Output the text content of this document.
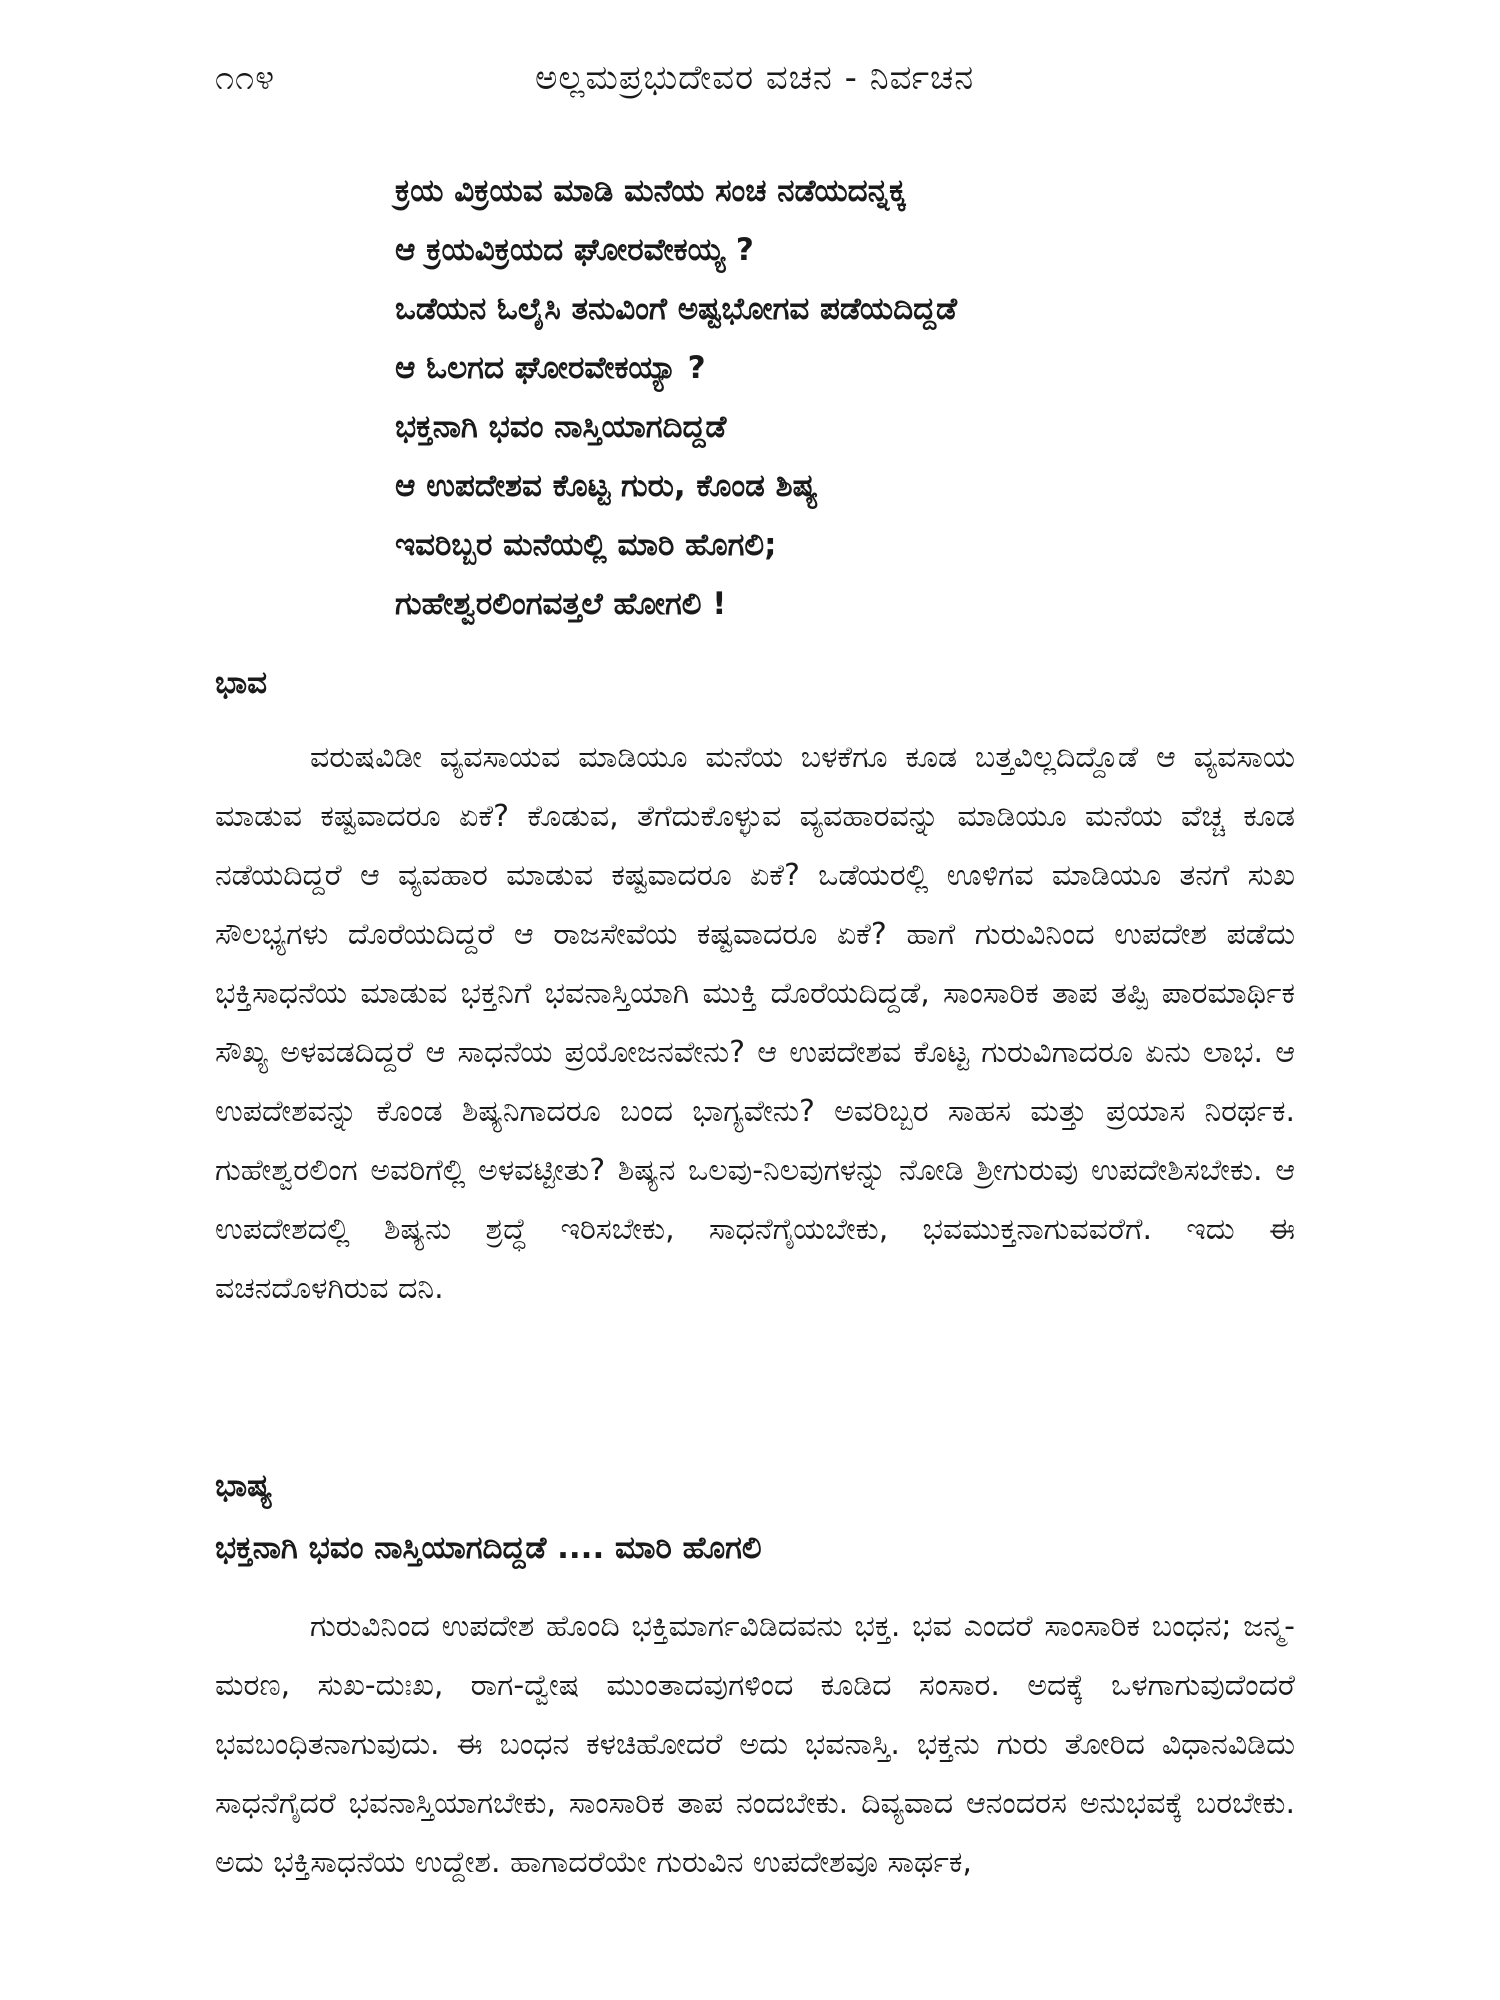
೧೧೪	ಅಲ್ಲಮಪ್ರಭುದೇವರ ವಚನ - ನಿರ್ವಚನ
ಕ್ರಯ ವಿಕ್ರಯವ ಮಾಡಿ ಮನೆಯ ಸಂಚ ನಡೆಯದನ್ನಕ್ಕ
ಆ ಕ್ರಯವಿಕ್ರಯದ ಘೋರವೇಕಯ್ಯ ?
ಒಡೆಯನ ಓಲೈಸಿ ತನುವಿಂಗೆ ಅಷ್ಟಭೋಗವ ಪಡೆಯದಿದ್ದಡೆ
ಆ ಓಲಗದ ಘೋರವೇಕಯ್ಯಾ ?
ಭಕ್ತನಾಗಿ ಭವಂ ನಾಸ್ತಿಯಾಗದಿದ್ದಡೆ
ಆ ಉಪದೇಶವ ಕೊಟ್ಟ ಗುರು, ಕೊಂಡ ಶಿಷ್ಯ
ಇವರಿಬ್ಬರ ಮನೆಯಲ್ಲಿ ಮಾರಿ ಹೊಗಲಿ;
ಗುಹೇಶ್ವರಲಿಂಗವತ್ತಲೆ ಹೋಗಲಿ !
ಭಾವ

ವರುಷವಿಡೀ ವ್ಯವಸಾಯವ ಮಾಡಿಯೂ ಮನೆಯ ಬಳಕೆಗೂ ಕೂಡ ಬತ್ತವಿಲ್ಲದಿದ್ದೊಡೆ ಆ ವ್ಯವಸಾಯ ಮಾಡುವ ಕಷ್ಟವಾದರೂ ಏಕೆ? ಕೊಡುವ, ತೆಗೆದುಕೊಳ್ಳುವ ವ್ಯವಹಾರವನ್ನು ಮಾಡಿಯೂ ಮನೆಯ ವೆಚ್ಚ ಕೂಡ ನಡೆಯದಿದ್ದರೆ ಆ ವ್ಯವಹಾರ ಮಾಡುವ ಕಷ್ಟವಾದರೂ ಏಕೆ? ಒಡೆಯರಲ್ಲಿ ಊಳಿಗವ ಮಾಡಿಯೂ ತನಗೆ ಸುಖ ಸೌಲಭ್ಯಗಳು ದೊರೆಯದಿದ್ದರೆ ಆ ರಾಜಸೇವೆಯ ಕಷ್ಟವಾದರೂ ಏಕೆ? ಹಾಗೆ ಗುರುವಿನಿಂದ ಉಪದೇಶ ಪಡೆದು ಭಕ್ತಿಸಾಧನೆಯ ಮಾಡುವ ಭಕ್ತನಿಗೆ ಭವನಾಸ್ತಿಯಾಗಿ ಮುಕ್ತಿ ದೊರೆಯದಿದ್ದಡೆ, ಸಾಂಸಾರಿಕ ತಾಪ ತಪ್ಪಿ ಪಾರಮಾರ್ಥಿಕ ಸೌಖ್ಯ ಅಳವಡದಿದ್ದರೆ ಆ ಸಾಧನೆಯ ಪ್ರಯೋಜನವೇನು? ಆ ಉಪದೇಶವ ಕೊಟ್ಟ ಗುರುವಿಗಾದರೂ ಏನು ಲಾಭ. ಆ ಉಪದೇಶವನ್ನು ಕೊಂಡ ಶಿಷ್ಯನಿಗಾದರೂ ಬಂದ ಭಾಗ್ಯವೇನು? ಅವರಿಬ್ಬರ ಸಾಹಸ ಮತ್ತು ಪ್ರಯಾಸ ನಿರರ್ಥಕ. ಗುಹೇಶ್ವರಲಿಂಗ ಅವರಿಗೆಲ್ಲಿ ಅಳವಟ್ಟೀತು? ಶಿಷ್ಯನ ಒಲವು-ನಿಲವುಗಳನ್ನು ನೋಡಿ ಶ್ರೀಗುರುವು ಉಪದೇಶಿಸಬೇಕು. ಆ ಉಪದೇಶದಲ್ಲಿ ಶಿಷ್ಯನು ಶ್ರದ್ಧೆ ಇರಿಸಬೇಕು, ಸಾಧನೆಗೈಯಬೇಕು, ಭವಮುಕ್ತನಾಗುವವರೆಗೆ. ಇದು ಈ ವಚನದೊಳಗಿರುವ ದನಿ.

ಭಾಷ್ಯ
ಭಕ್ತನಾಗಿ ಭವಂ ನಾಸ್ತಿಯಾಗದಿದ್ದಡೆ .... ಮಾರಿ ಹೊಗಲಿ

ಗುರುವಿನಿಂದ ಉಪದೇಶ ಹೊಂದಿ ಭಕ್ತಿಮಾರ್ಗವಿಡಿದವನು ಭಕ್ತ. ಭವ ಎಂದರೆ ಸಾಂಸಾರಿಕ ಬಂಧನ; ಜನ್ಮ-ಮರಣ, ಸುಖ-ದುಃಖ, ರಾಗ-ದ್ವೇಷ ಮುಂತಾದವುಗಳಿಂದ ಕೂಡಿದ ಸಂಸಾರ. ಅದಕ್ಕೆ ಒಳಗಾಗುವುದೆಂದರೆ ಭವಬಂಧಿತನಾಗುವುದು. ಈ ಬಂಧನ ಕಳಚಿಹೋದರೆ ಅದು ಭವನಾಸ್ತಿ. ಭಕ್ತನು ಗುರು ತೋರಿದ ವಿಧಾನವಿಡಿದು ಸಾಧನೆಗೈದರೆ ಭವನಾಸ್ತಿಯಾಗಬೇಕು, ಸಾಂಸಾರಿಕ ತಾಪ ನಂದಬೇಕು. ದಿವ್ಯವಾದ ಆನಂದರಸ ಅನುಭವಕ್ಕೆ ಬರಬೇಕು. ಅದು ಭಕ್ತಿಸಾಧನೆಯ ಉದ್ದೇಶ. ಹಾಗಾದರೆಯೇ ಗುರುವಿನ ಉಪದೇಶವೂ ಸಾರ್ಥಕ,
